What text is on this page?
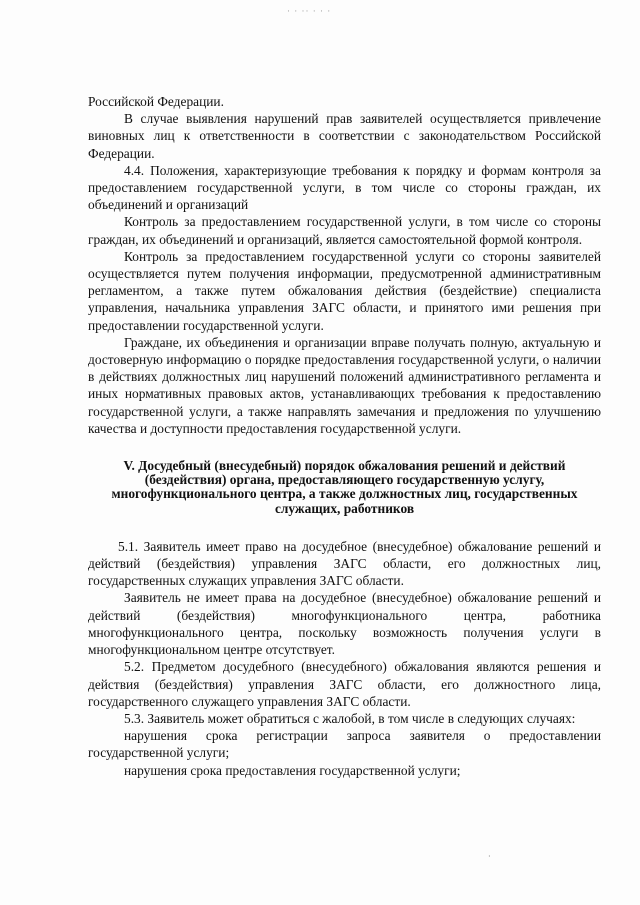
· · ·· · · ·

Российской Федерации.

В случае выявления нарушений прав заявителей осуществляется привлечение виновных лиц к ответственности в соответствии с законодательством Российской Федерации.

4.4. Положения, характеризующие требования к порядку и формам контроля за предоставлением государственной услуги, в том числе со стороны граждан, их объединений и организаций

Контроль за предоставлением государственной услуги, в том числе со стороны граждан, их объединений и организаций, является самостоятельной формой контроля.

Контроль за предоставлением государственной услуги со стороны заявителей осуществляется путем получения информации, предусмотренной административным регламентом, а также путем обжалования действия (бездействие) специалиста управления, начальника управления ЗАГС области, и принятого ими решения при предоставлении государственной услуги.

Граждане, их объединения и организации вправе получать полную, актуальную и достоверную информацию о порядке предоставления государственной услуги, о наличии в действиях должностных лиц нарушений положений административного регламента и иных нормативных правовых актов, устанавливающих требования к предоставлению государственной услуги, а также направлять замечания и предложения по улучшению качества и доступности предоставления государственной услуги.

V. Досудебный (внесудебный) порядок обжалования решений и действий (бездействия) органа, предоставляющего государственную услугу, многофункционального центра, а также должностных лиц, государственных служащих, работников

5.1. Заявитель имеет право на досудебное (внесудебное) обжалование решений и действий (бездействия) управления ЗАГС области, его должностных лиц, государственных служащих управления ЗАГС области.

Заявитель не имеет права на досудебное (внесудебное) обжалование решений и действий (бездействия) многофункционального центра, работника многофункционального центра, поскольку возможность получения услуги в многофункциональном центре отсутствует.

5.2. Предметом досудебного (внесудебного) обжалования являются решения и действия (бездействия) управления ЗАГС области, его должностного лица, государственного служащего управления ЗАГС области.

5.3. Заявитель может обратиться с жалобой, в том числе в следующих случаях:

нарушения срока регистрации запроса заявителя о предоставлении государственной услуги;

нарушения срока предоставления государственной услуги;

·
